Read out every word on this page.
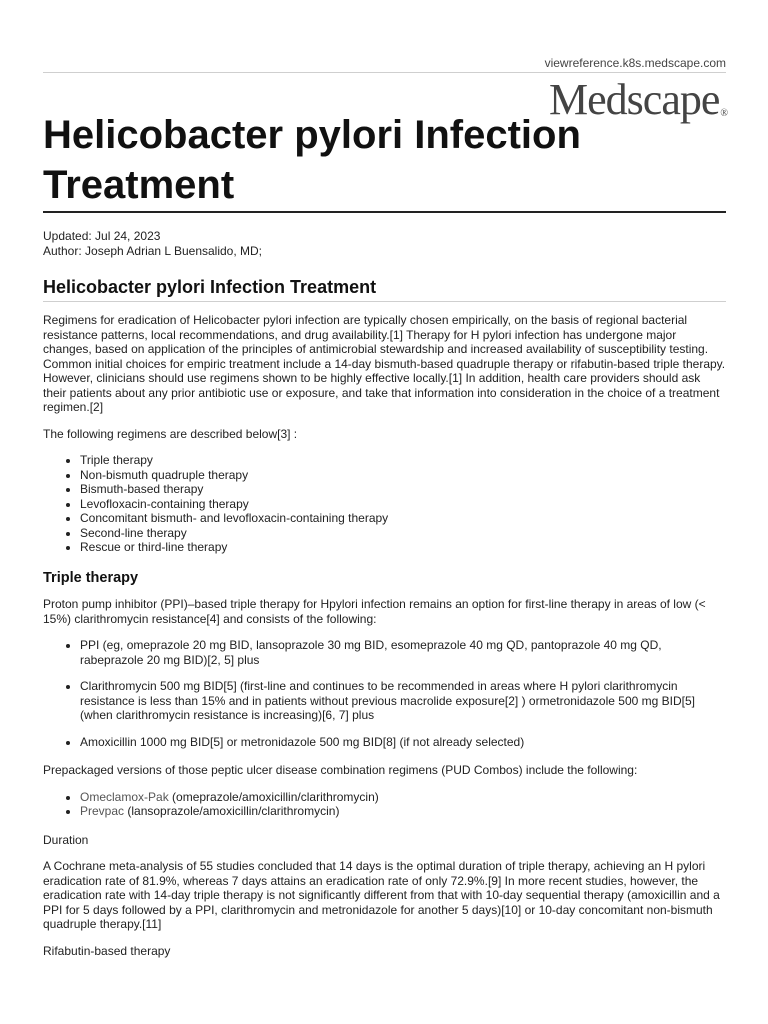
viewreference.k8s.medscape.com
Medscape®
Helicobacter pylori Infection Treatment
Updated: Jul 24, 2023
Author: Joseph Adrian L Buensalido, MD;
Helicobacter pylori Infection Treatment

Regimens for eradication of Helicobacter pylori infection are typically chosen empirically, on the basis of regional bacterial resistance patterns, local recommendations, and drug availability.[1] Therapy for H pylori infection has undergone major changes, based on application of the principles of antimicrobial stewardship and increased availability of susceptibility testing. Common initial choices for empiric treatment include a 14-day bismuth-based quadruple therapy or rifabutin-based triple therapy. However, clinicians should use regimens shown to be highly effective locally.[1] In addition, health care providers should ask their patients about any prior antibiotic use or exposure, and take that information into consideration in the choice of a treatment regimen.[2]

The following regimens are described below[3] :

• Triple therapy
• Non-bismuth quadruple therapy
• Bismuth-based therapy
• Levofloxacin-containing therapy
• Concomitant bismuth- and levofloxacin-containing therapy
• Second-line therapy
• Rescue or third-line therapy
Triple therapy

Proton pump inhibitor (PPI)–based triple therapy for Hpylori infection remains an option for first-line therapy in areas of low (< 15%) clarithromycin resistance[4] and consists of the following:

• PPI (eg, omeprazole 20 mg BID, lansoprazole 30 mg BID, esomeprazole 40 mg QD, pantoprazole 40 mg QD, rabeprazole 20 mg BID)[2, 5] plus
• Clarithromycin 500 mg BID[5] (first-line and continues to be recommended in areas where H pylori clarithromycin resistance is less than 15% and in patients without previous macrolide exposure[2] ) ormetronidazole 500 mg BID[5] (when clarithromycin resistance is increasing)[6, 7] plus
• Amoxicillin 1000 mg BID[5] or metronidazole 500 mg BID[8] (if not already selected)

Prepackaged versions of those peptic ulcer disease combination regimens (PUD Combos) include the following:

• Omeclamox-Pak (omeprazole/amoxicillin/clarithromycin)
• Prevpac (lansoprazole/amoxicillin/clarithromycin)

Duration

A Cochrane meta-analysis of 55 studies concluded that 14 days is the optimal duration of triple therapy, achieving an H pylori eradication rate of 81.9%, whereas 7 days attains an eradication rate of only 72.9%.[9] In more recent studies, however, the eradication rate with 14-day triple therapy is not significantly different from that with 10-day sequential therapy (amoxicillin and a PPI for 5 days followed by a PPI, clarithromycin and metronidazole for another 5 days)[10] or 10-day concomitant non-bismuth quadruple therapy.[11]

Rifabutin-based therapy
